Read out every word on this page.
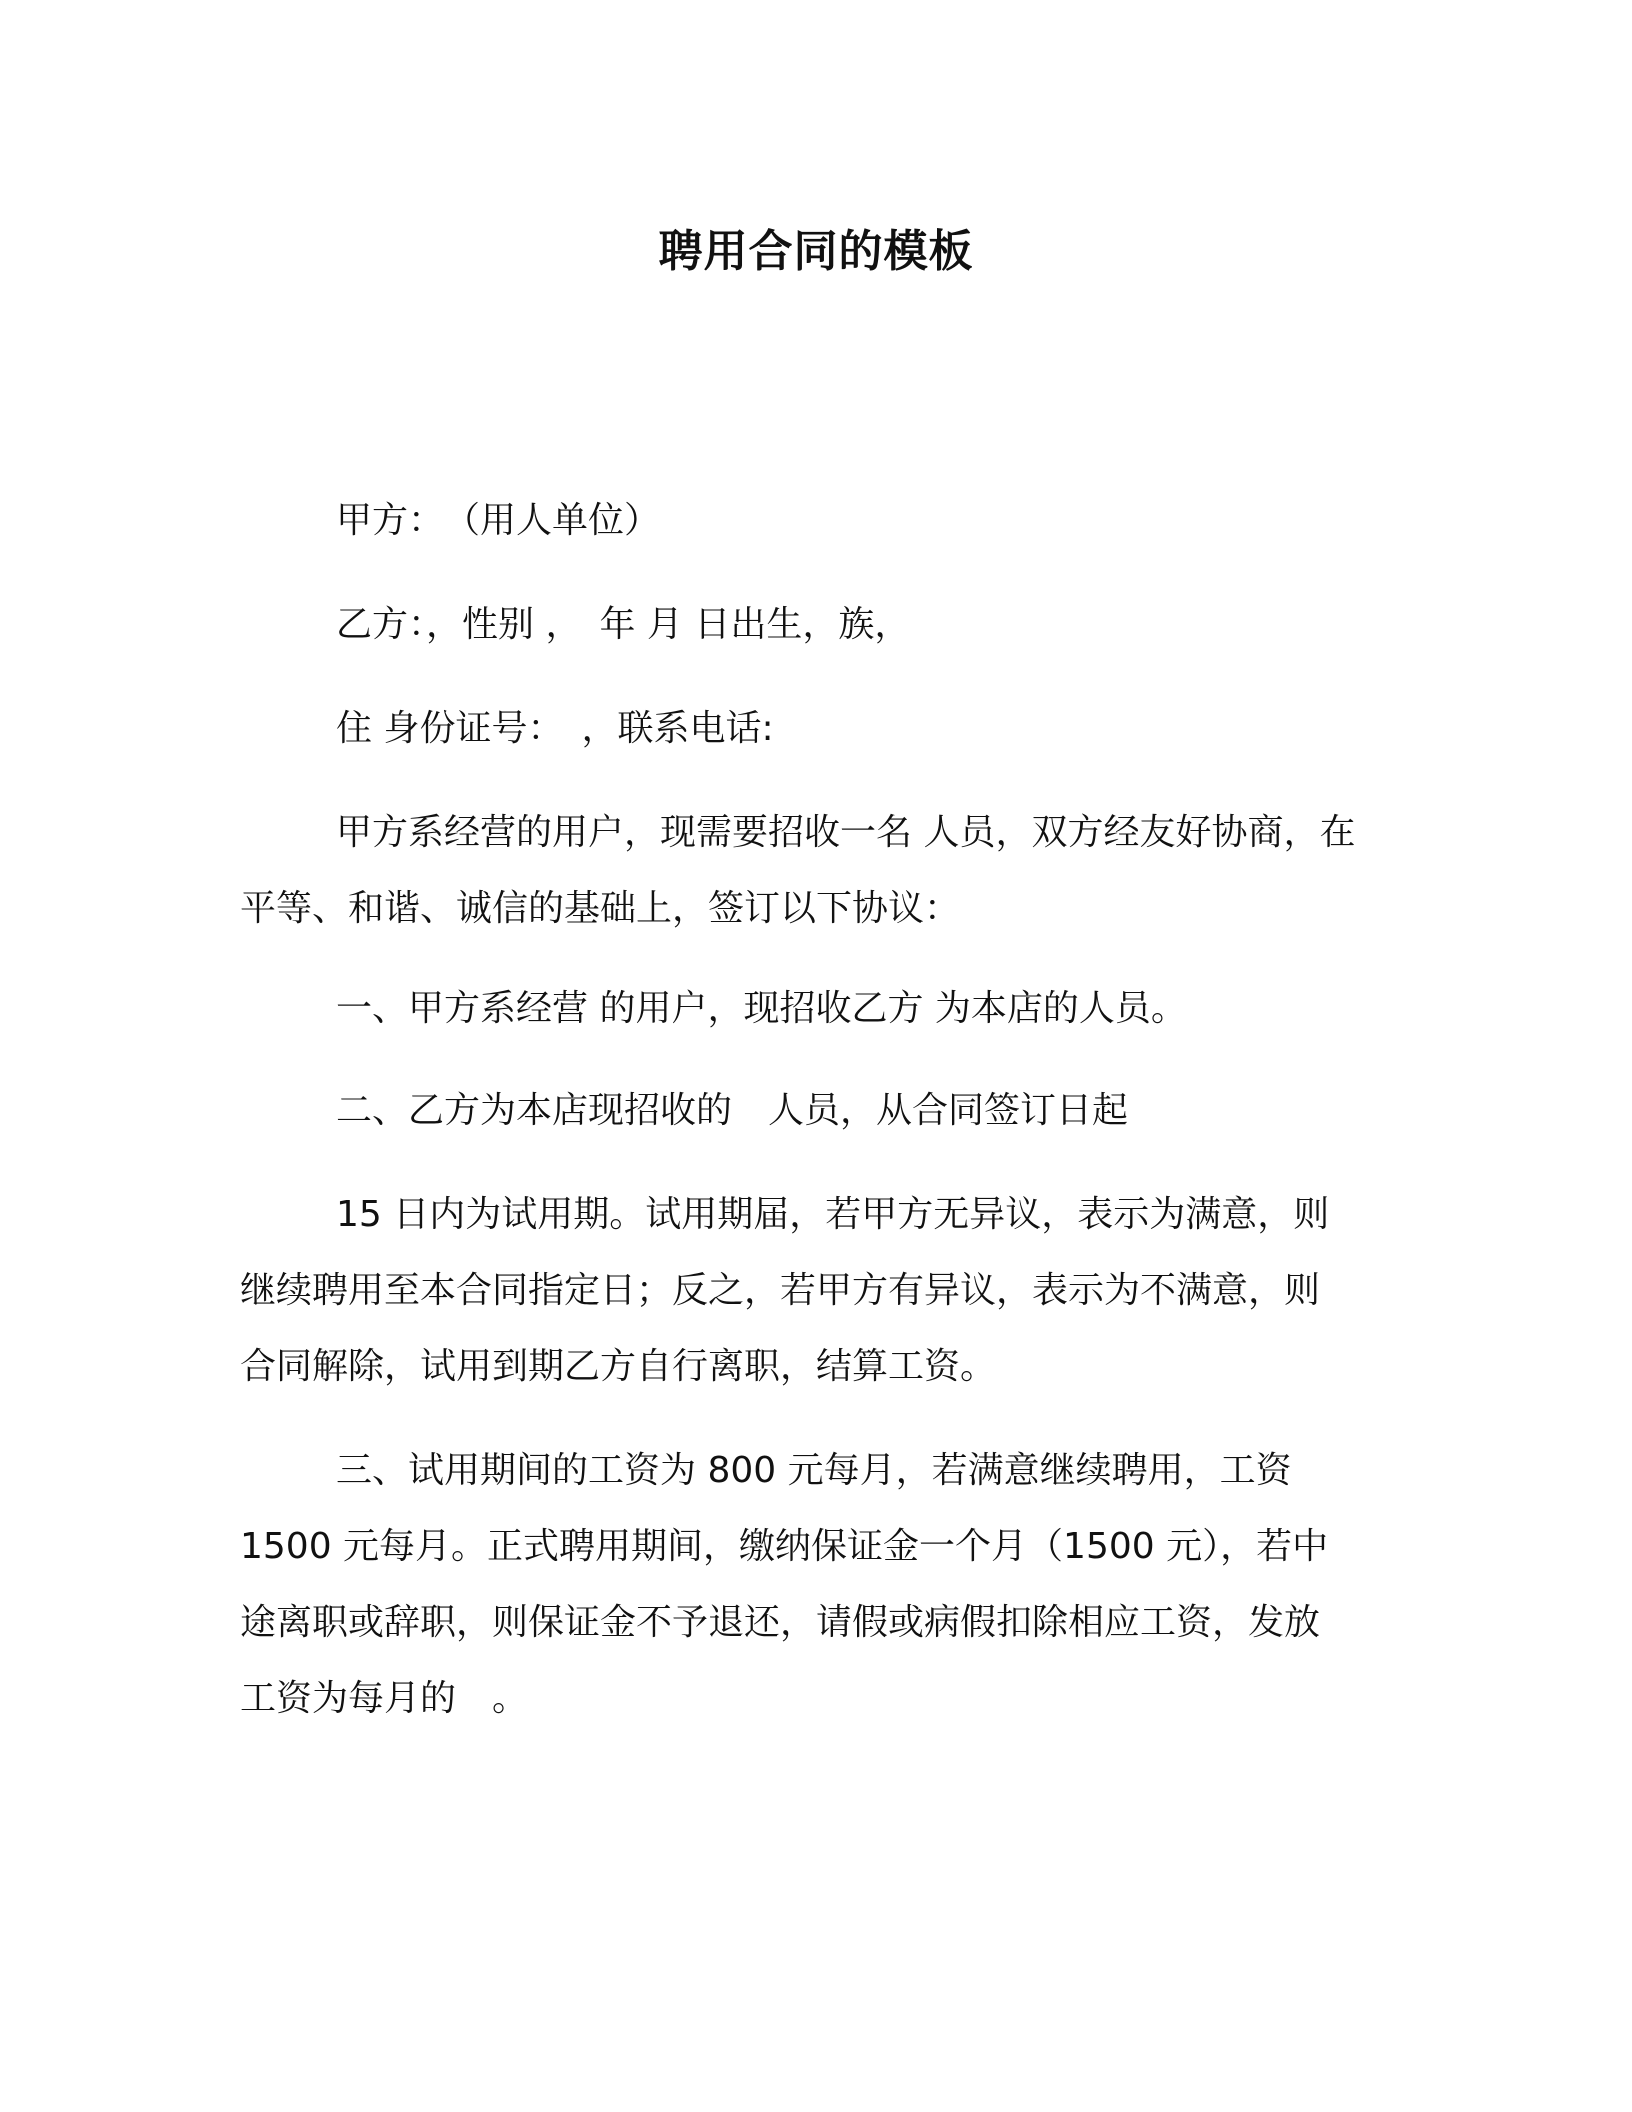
聘用合同的模板
甲方：　（用人单位）
乙方：，性别 ，　年 月 日出生，族，
住 身份证号：　，联系电话:
甲方系经营的用户，现需要招收一名 人员，双方经友好协商，在
平等、和谐、诚信的基础上，签订以下协议：
一、甲方系经营 的用户，现招收乙方 为本店的人员。
二、乙方为本店现招收的　人员，从合同签订日起
15 日内为试用期。试用期届，若甲方无异议，表示为满意，则
继续聘用至本合同指定日；反之，若甲方有异议，表示为不满意，则
合同解除，试用到期乙方自行离职，结算工资。
三、试用期间的工资为 800 元每月，若满意继续聘用，工资
1500 元每月。正式聘用期间，缴纳保证金一个月（1500 元），若中
途离职或辞职，则保证金不予退还，请假或病假扣除相应工资，发放
工资为每月的　。
